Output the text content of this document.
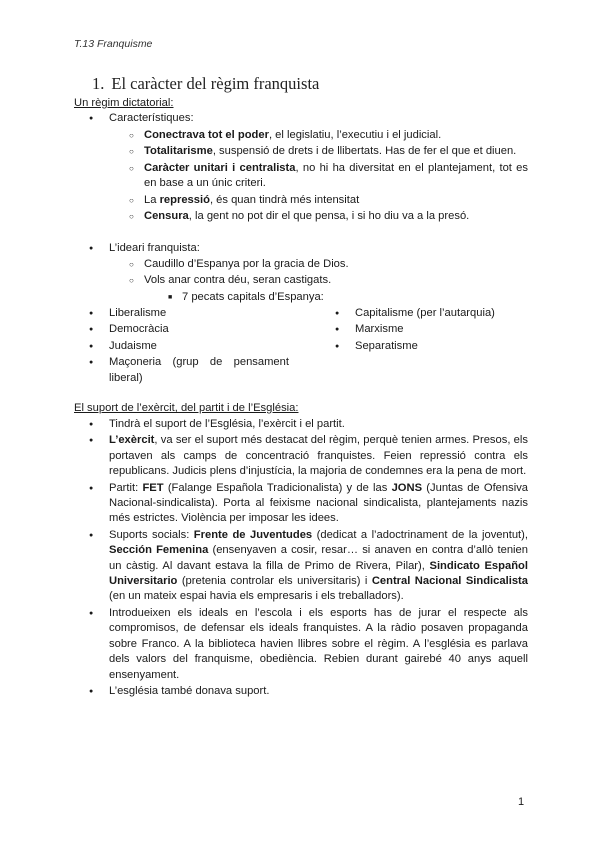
T.13 Franquisme
1. El caràcter del règim franquista
Un règim dictatorial:
● Característiques:
○ Conectrava tot el poder, el legislatiu, l’executiu i el judicial.
○ Totalitarisme, suspensió de drets i de llibertats. Has de fer el que et diuen.
○ Caràcter unitari i centralista, no hi ha diversitat en el plantejament, tot es en base a un únic criteri.
○ La repressió, és quan tindrà més intensitat
○ Censura, la gent no pot dir el que pensa, i si ho diu va a la presó.
● L’ideari franquista:
○ Caudillo d’Espanya por la gracia de Dios.
○ Vols anar contra déu, seran castigats.
■ 7 pecats capitals d’Espanya:
● Liberalisme
● Democràcia
● Judaisme
● Maçoneria (grup de pensament liberal)
● Capitalisme (per l’autarquia)
● Marxisme
● Separatisme
El suport de l’exèrcit, del partit i de l’Església:
● Tindrà el suport de l’Església, l’exèrcit i el partit.
● L’exèrcit, va ser el suport més destacat del règim, perquè tenien armes. Presos, els portaven als camps de concentració franquistes. Feien repressió contra els republicans. Judicis plens d’injustícia, la majoria de condemnes era la pena de mort.
● Partit: FET (Falange Española Tradicionalista) y de las JONS (Juntas de Ofensiva Nacional-sindicalista). Porta al feixisme nacional sindicalista, plantejaments nazis més estrictes. Violència per imposar les idees.
● Suports socials: Frente de Juventudes (dedicat a l’adoctrinament de la joventut), Sección Femenina (ensenyaven a cosir, resar… si anaven en contra d’allò tenien un càstig. Al davant estava la filla de Primo de Rivera, Pilar), Sindicato Español Universitario (pretenia controlar els universitaris) i Central Nacional Sindicalista (en un mateix espai havia els empresaris i els treballadors).
● Introdueixen els ideals en l’escola i els esports has de jurar el respecte als compromisos, de defensar els ideals franquistes. A la ràdio posaven propaganda sobre Franco. A la biblioteca havien llibres sobre el règim. A l’església es parlava dels valors del franquisme, obediència. Rebien durant gairebé 40 anys aquell ensenyament.
● L’església també donava suport.
1
